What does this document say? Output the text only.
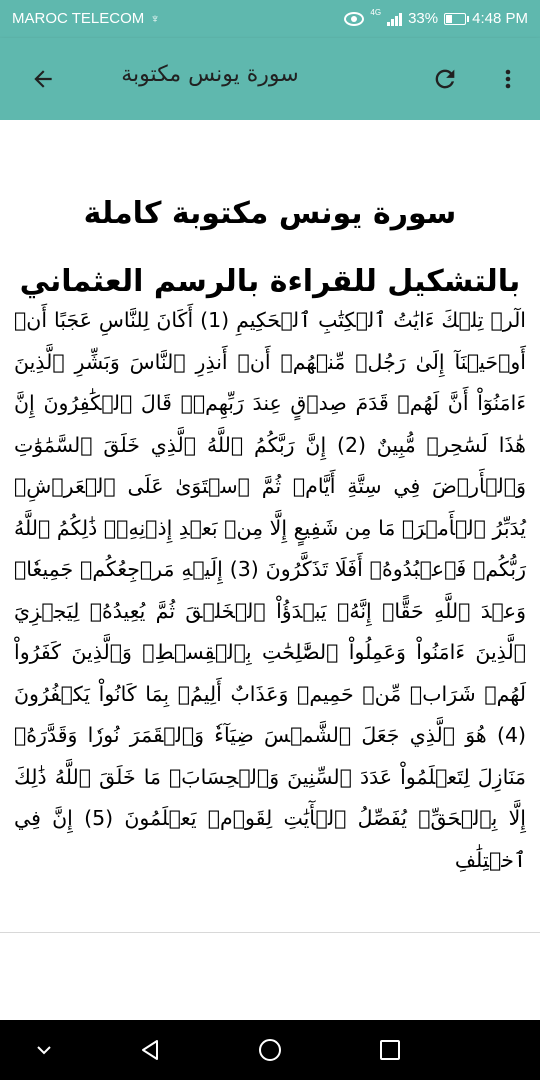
MAROC TELECOM ♆	4G 33% 4:48 PM
سورة يونس مكتوبة
سورة يونس مكتوبة كاملة بالتشكيل للقراءة بالرسم العثماني

الٓرۚ تِلۡكَ ءَايَٰتُ ٱلۡكِتَٰبِ ٱلۡحَكِيمِ (1) أَكَانَ لِلنَّاسِ عَجَبًا أَنۡ أَوۡحَيۡنَآ إِلَىٰ رَجُلٖ مِّنۡهُمۡ أَنۡ أَنذِرِ ٱلنَّاسَ وَبَشِّرِ ٱلَّذِينَ ءَامَنُوٓاْ أَنَّ لَهُمۡ قَدَمَ صِدۡقٍ عِندَ رَبِّهِمۡۗ قَالَ ٱلۡكَٰفِرُونَ إِنَّ هَٰذَا لَسَٰحِرٞ مُّبِينٌ (2) إِنَّ رَبَّكُمُ ٱللَّهُ ٱلَّذِي خَلَقَ ٱلسَّمَٰوَٰتِ وَٱلۡأَرۡضَ فِي سِتَّةِ أَيَّامٖ ثُمَّ ٱسۡتَوَىٰ عَلَى ٱلۡعَرۡشِۖ يُدَبِّرُ ٱلۡأَمۡرَۖ مَا مِن شَفِيعٍ إِلَّا مِنۢ بَعۡدِ إِذۡنِهِۦۚ ذَٰلِكُمُ ٱللَّهُ رَبُّكُمۡ فَٱعۡبُدُوهُۚ أَفَلَا تَذَكَّرُونَ (3) إِلَيۡهِ مَرۡجِعُكُمۡ جَمِيعٗاۖ وَعۡدَ ٱللَّهِ حَقًّاۚ إِنَّهُۥ يَبۡدَؤُاْ ٱلۡخَلۡقَ ثُمَّ يُعِيدُهُۥ لِيَجۡزِيَ ٱلَّذِينَ ءَامَنُواْ وَعَمِلُواْ ٱلصَّٰلِحَٰتِ بِٱلۡقِسۡطِۚ وَٱلَّذِينَ كَفَرُواْ لَهُمۡ شَرَابٞ مِّنۡ حَمِيمٖ وَعَذَابٌ أَلِيمُۢ بِمَا كَانُواْ يَكۡفُرُونَ (4) هُوَ ٱلَّذِي جَعَلَ ٱلشَّمۡسَ ضِيَآءٗ وَٱلۡقَمَرَ نُورٗا وَقَدَّرَهُۥ مَنَازِلَ لِتَعۡلَمُواْ عَدَدَ ٱلسِّنِينَ وَٱلۡحِسَابَۚ مَا خَلَقَ ٱللَّهُ ذَٰلِكَ إِلَّا بِٱلۡحَقِّۚ يُفَصِّلُ ٱلۡأٓيَٰتِ لِقَوۡمٖ يَعۡلَمُونَ (5) إِنَّ فِي ٱخۡتِلَٰفِ
